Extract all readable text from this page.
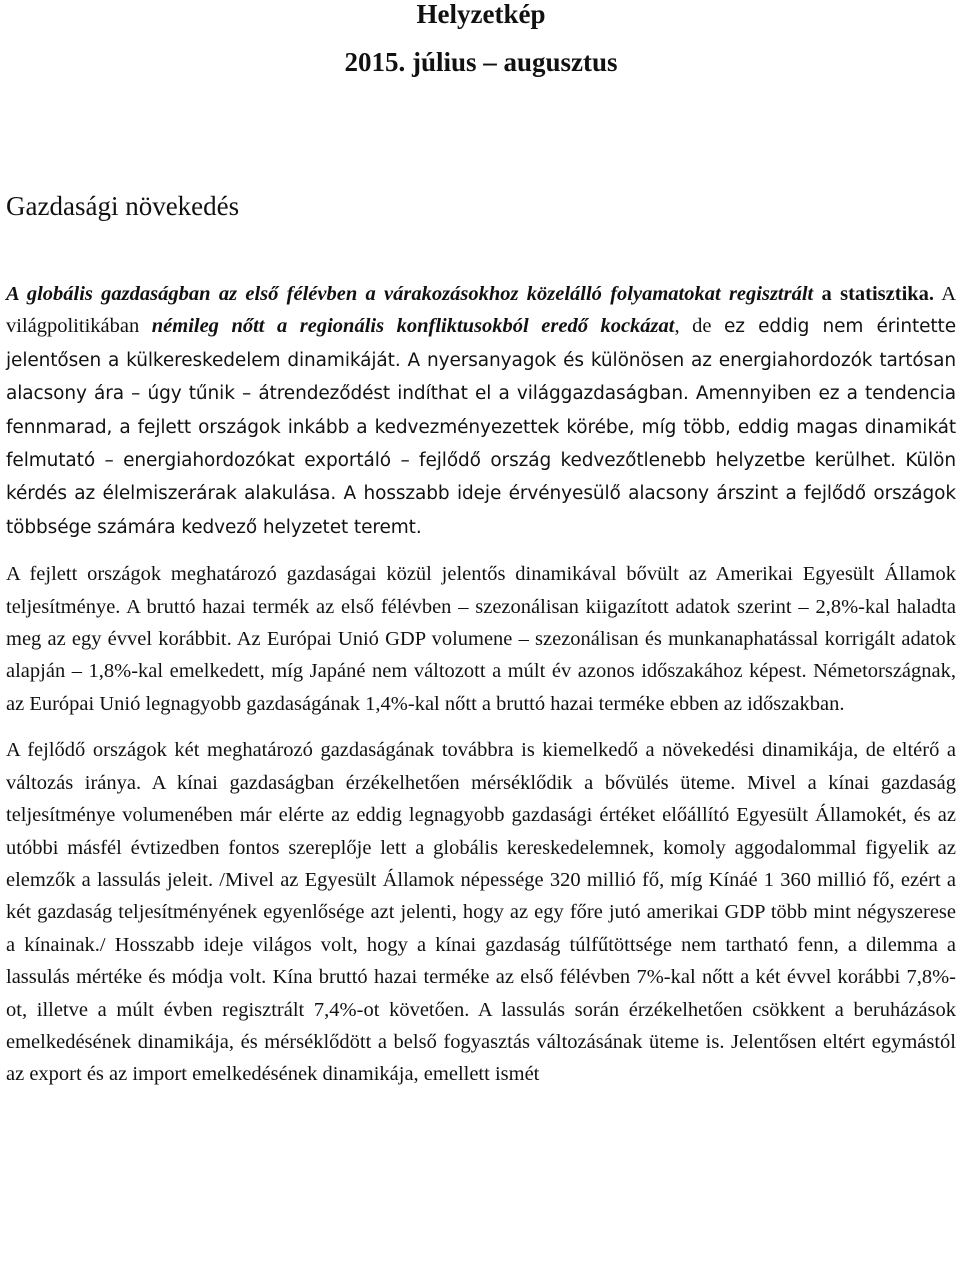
Helyzetkép
2015. július – augusztus
Gazdasági növekedés

A globális gazdaságban az első félévben a várakozásokhoz közelálló folyamatokat regisztrált a statisztika. A világpolitikában némileg nőtt a regionális konfliktusokból eredő kockázat, de ez eddig nem érintette jelentősen a külkereskedelem dinamikáját. A nyersanyagok és különösen az energiahordozók tartósan alacsony ára – úgy tűnik – átrendeződést indíthat el a világgazdaságban. Amennyiben ez a tendencia fennmarad, a fejlett országok inkább a kedvezményezettek körébe, míg több, eddig magas dinamikát felmutató – energiahordozókat exportáló – fejlődő ország kedvezőtlenebb helyzetbe kerülhet. Külön kérdés az élelmiszerárak alakulása. A hosszabb ideje érvényesülő alacsony árszint a fejlődő országok többsége számára kedvező helyzetet teremt.

A fejlett országok meghatározó gazdaságai közül jelentős dinamikával bővült az Amerikai Egyesült Államok teljesítménye. A bruttó hazai termék az első félévben – szezonálisan kiigazított adatok szerint – 2,8%-kal haladta meg az egy évvel korábbit. Az Európai Unió GDP volumene – szezonálisan és munkanaphatással korrigált adatok alapján – 1,8%-kal emelkedett, míg Japáné nem változott a múlt év azonos időszakához képest. Németországnak, az Európai Unió legnagyobb gazdaságának 1,4%-kal nőtt a bruttó hazai terméke ebben az időszakban.

A fejlődő országok két meghatározó gazdaságának továbbra is kiemelkedő a növekedési dinamikája, de eltérő a változás iránya. A kínai gazdaságban érzékelhetően mérséklődik a bővülés üteme. Mivel a kínai gazdaság teljesítménye volumenében már elérte az eddig legnagyobb gazdasági értéket előállító Egyesült Államokét, és az utóbbi másfél évtizedben fontos szereplője lett a globális kereskedelemnek, komoly aggodalommal figyelik az elemzők a lassulás jeleit. /Mivel az Egyesült Államok népessége 320 millió fő, míg Kínáé 1 360 millió fő, ezért a két gazdaság teljesítményének egyenlősége azt jelenti, hogy az egy főre jutó amerikai GDP több mint négyszerese a kínainak./ Hosszabb ideje világos volt, hogy a kínai gazdaság túlfűtöttsége nem tartható fenn, a dilemma a lassulás mértéke és módja volt. Kína bruttó hazai terméke az első félévben 7%-kal nőtt a két évvel korábbi 7,8%-ot, illetve a múlt évben regisztrált 7,4%-ot követően. A lassulás során érzékelhetően csökkent a beruházások emelkedésének dinamikája, és mérséklődött a belső fogyasztás változásának üteme is. Jelentősen eltért egymástól az export és az import emelkedésének dinamikája, emellett ismét
